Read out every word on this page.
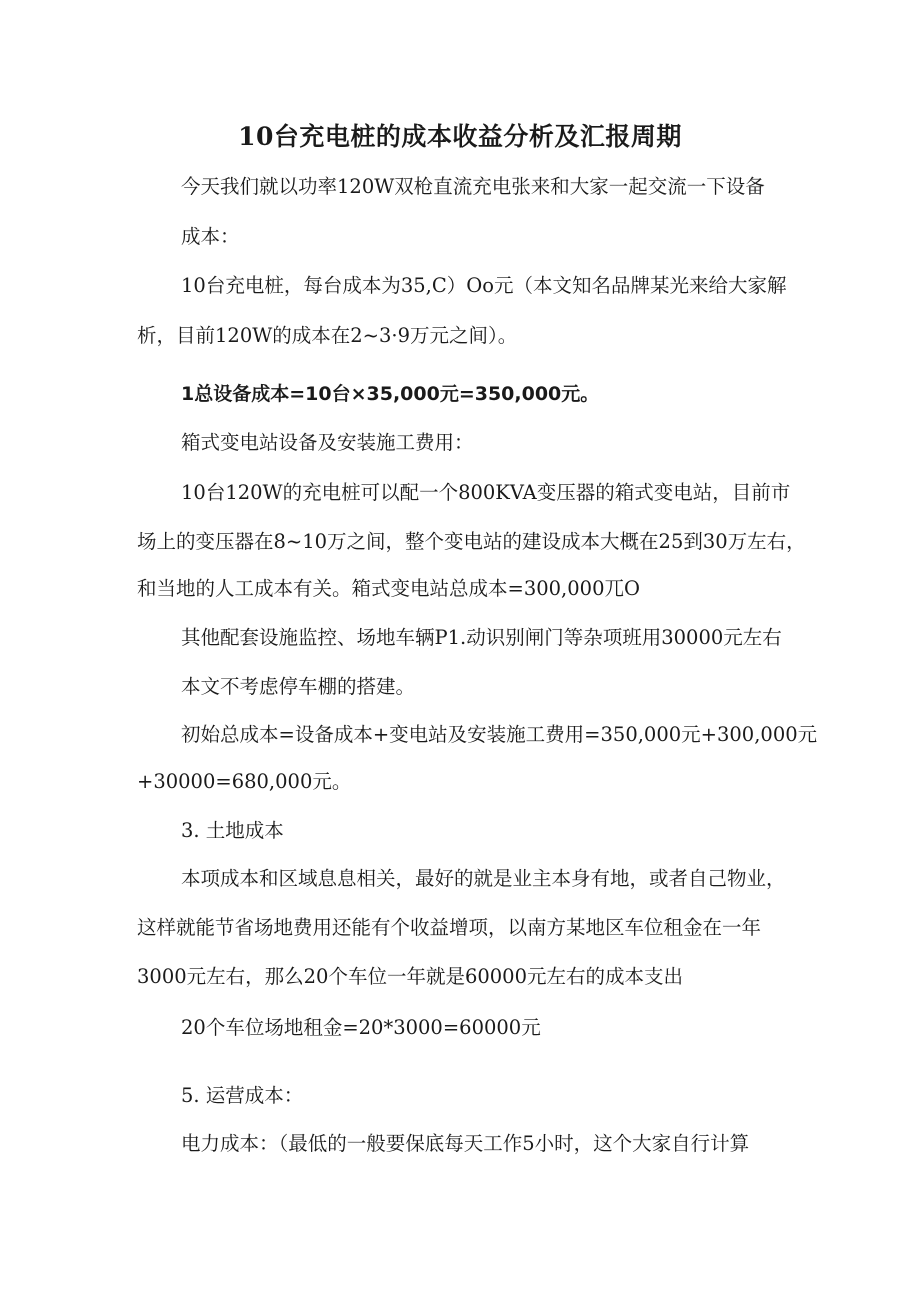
10台充电桩的成本收益分析及汇报周期
今天我们就以功率120W双枪直流充电张来和大家一起交流一下设备
成本：
10台充电桩，每台成本为35,C）Oo元（本文知名品牌某光来给大家解
析，目前120W的成本在2~3·9万元之间）。
1总设备成本=10台×35,000元=350,000元。
箱式变电站设备及安装施工费用：
10台120W的充电桩可以配一个800KVA变压器的箱式变电站，目前市
场上的变压器在8~10万之间，整个变电站的建设成本大概在25到30万左右，
和当地的人工成本有关。箱式变电站总成本=300,000兀O
其他配套设施监控、场地车辆P1.动识别闸门等杂项班用30000元左右
本文不考虑停车棚的搭建。
初始总成本=设备成本+变电站及安装施工费用=350,000元+300,000元
+30000=680,000元。
3. 土地成本
本项成本和区域息息相关，最好的就是业主本身有地，或者自己物业，
这样就能节省场地费用还能有个收益增项，以南方某地区车位租金在一年
3000元左右，那么20个车位一年就是60000元左右的成本支出
20个车位场地租金=20*3000=60000元
5. 运营成本：
电力成本：（最低的一般要保底每天工作5小时，这个大家自行计算
